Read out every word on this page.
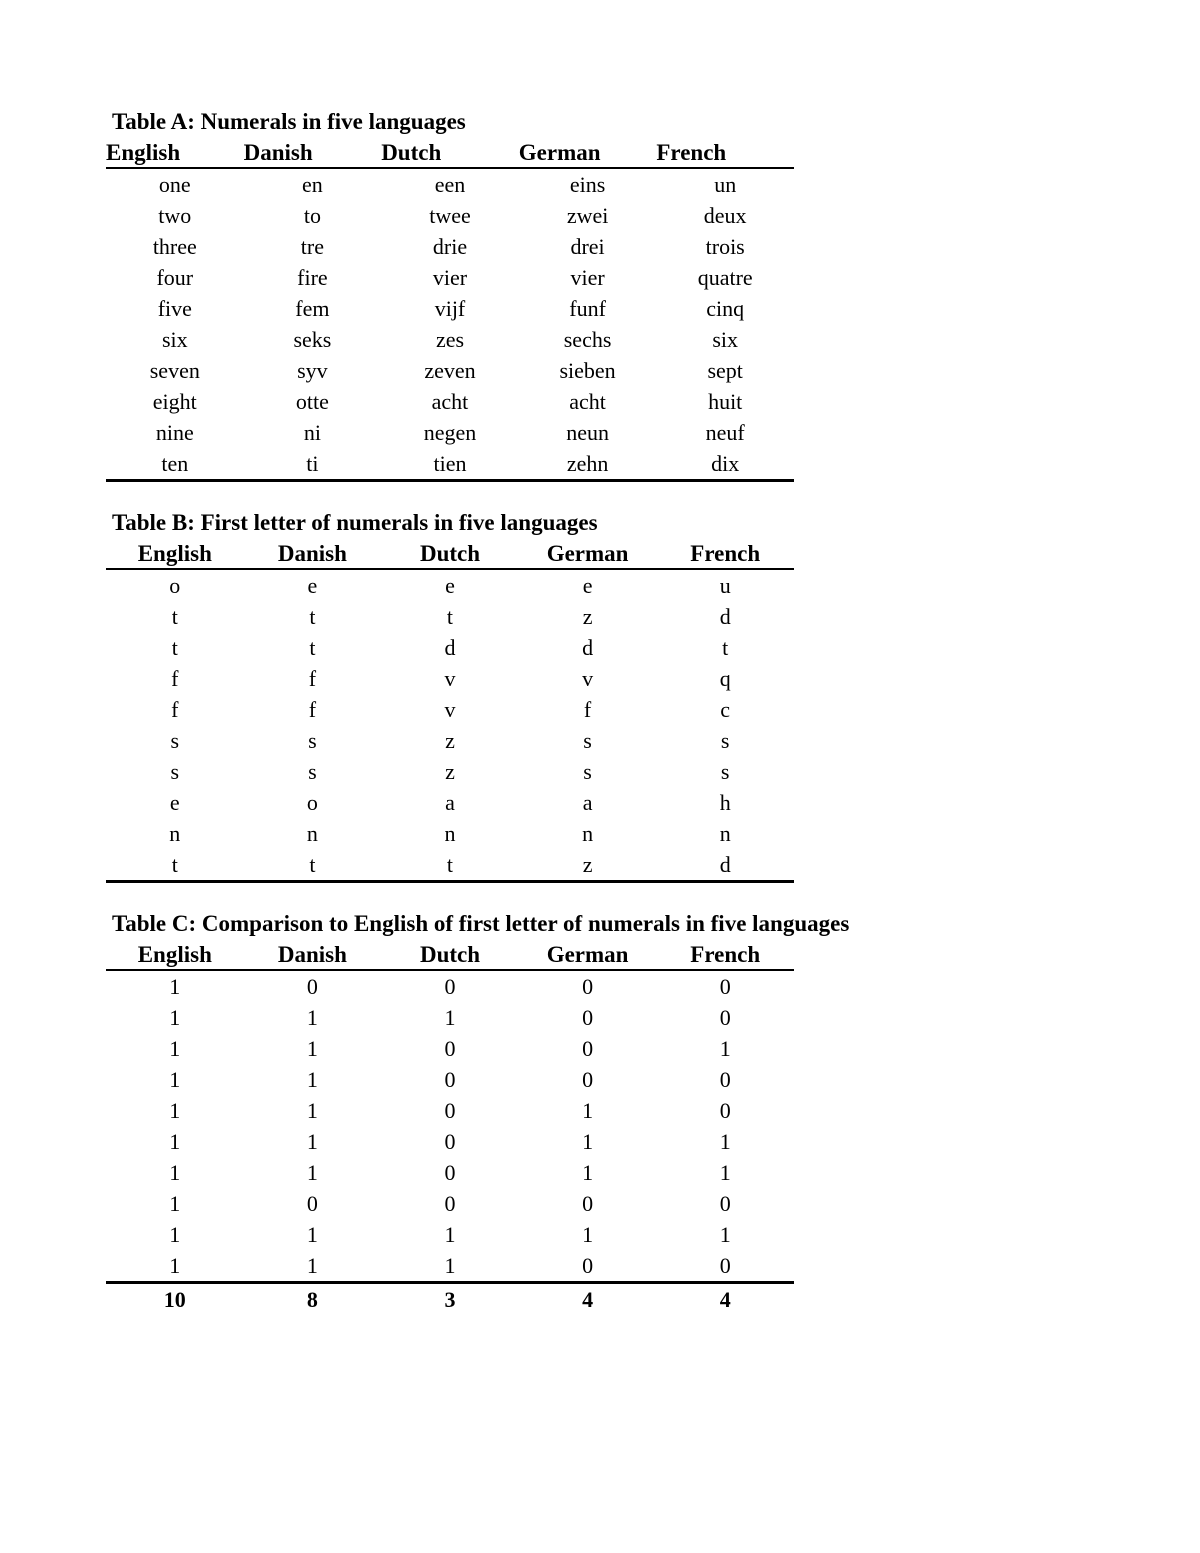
Table A: Numerals in five languages
English	Danish	Dutch	German	French
one	en	een	eins	un
two	to	twee	zwei	deux
three	tre	drie	drei	trois
four	fire	vier	vier	quatre
five	fem	vijf	funf	cinq
six	seks	zes	sechs	six
seven	syv	zeven	sieben	sept
eight	otte	acht	acht	huit
nine	ni	negen	neun	neuf
ten	ti	tien	zehn	dix
Table B: First letter of numerals in five languages
English	Danish	Dutch	German	French
o	e	e	e	u
t	t	t	z	d
t	t	d	d	t
f	f	v	v	q
f	f	v	f	c
s	s	z	s	s
s	s	z	s	s
e	o	a	a	h
n	n	n	n	n
t	t	t	z	d
Table C: Comparison to English of first letter of numerals in five languages
English	Danish	Dutch	German	French
1	0	0	0	0
1	1	1	0	0
1	1	0	0	1
1	1	0	0	0
1	1	0	1	0
1	1	0	1	1
1	1	0	1	1
1	0	0	0	0
1	1	1	1	1
1	1	1	0	0
10	8	3	4	4
